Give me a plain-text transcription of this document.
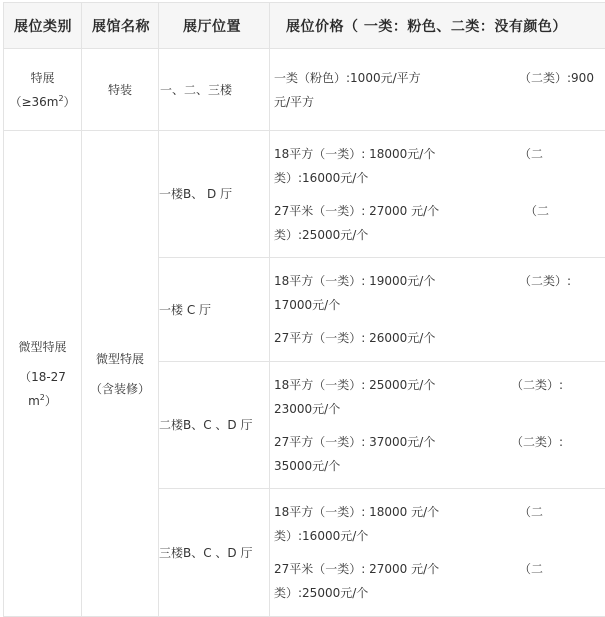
展位类别	展馆名称	展厅位置	展位价格（ 一类：粉色、二类：没有颜色）

特展
$(\ge 36m^2)$	特装	一、二、三楼	一类（粉色）:1000元/平方 （二类）:900
元/平方

微型特展
（18-27
$m^2$）	微型特展
（含装修）	一楼B、 D 厅	18平方（一类）: 18000元/个 （二
类）:16000元/个
27平米（一类）: 27000 元/个 （二
类）:25000元/个

		一楼 C 厅	18平方（一类）: 19000元/个 （二类）:
17000元/个
27平方（一类）: 26000元/个

		二楼B、C 、D 厅	18平方（一类）: 25000元/个 （二类）:
23000元/个
27平方（一类）: 37000元/个 （二类）:
35000元/个

		三楼B、C 、D 厅	18平方（一类）: 18000 元/个 （二
类）:16000元/个
27平米（一类）: 27000 元/个 （二
类）:25000元/个
